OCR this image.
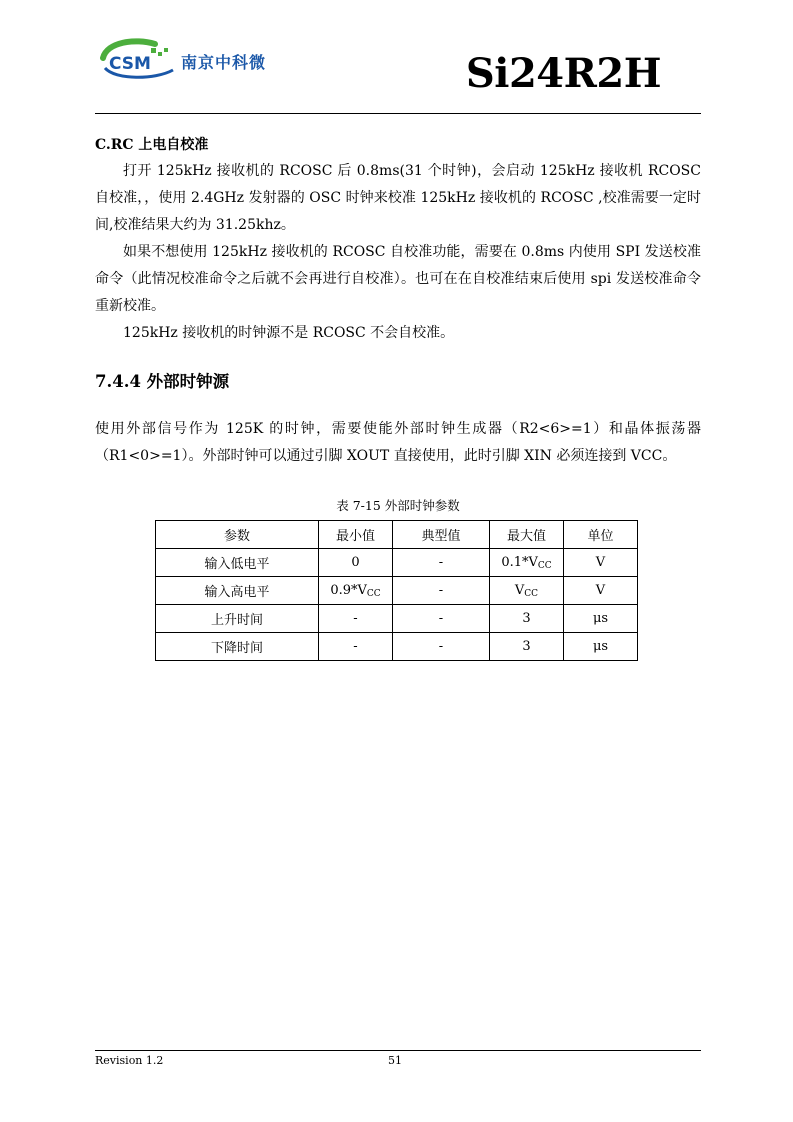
CSM 南京中科微	Si24R2H

C.RC 上电自校准

打开 125kHz 接收机的 RCOSC 后 0.8ms(31 个时钟)，会启动 125kHz 接收机 RCOSC 自校准，，使用 2.4GHz 发射器的 OSC 时钟来校准 125kHz 接收机的 RCOSC ,校准需要一定时间,校准结果大约为 31.25khz。

如果不想使用 125kHz 接收机的 RCOSC 自校准功能，需要在 0.8ms 内使用 SPI 发送校准命令（此情况校准命令之后就不会再进行自校准）。也可在在自校准结束后使用 spi 发送校准命令重新校准。

125kHz 接收机的时钟源不是 RCOSC 不会自校准。

7.4.4 外部时钟源

使用外部信号作为 125K 的时钟，需要使能外部时钟生成器（R2<6>=1）和晶体振荡器（R1<0>=1）。外部时钟可以通过引脚 XOUT 直接使用，此时引脚 XIN 必须连接到 VCC。

表 7-15 外部时钟参数

参数	最小值	典型值	最大值	单位
输入低电平	0	-	$0.1*V_{CC}$	V
输入高电平	$0.9*V_{CC}$	-	$V_{CC}$	V
上升时间	-	-	3	μs
下降时间	-	-	3	μs
Revision 1.2	51
